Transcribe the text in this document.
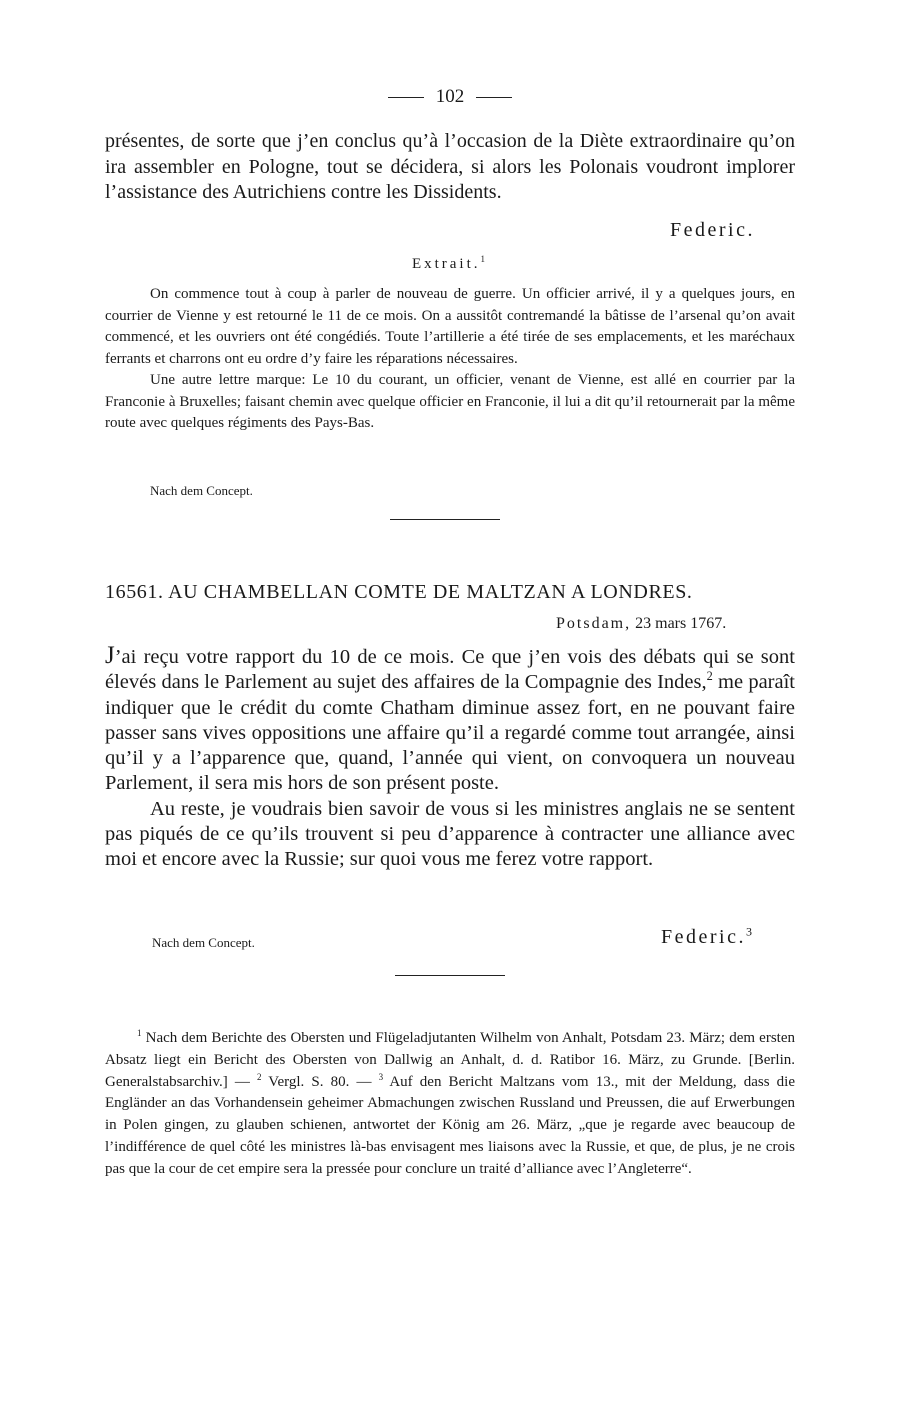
102

présentes, de sorte que j’en conclus qu’à l’occasion de la Diète extraordinaire qu’on ira assembler en Pologne, tout se décidera, si alors les Polonais voudront implorer l’assistance des Autrichiens contre les Dissidents.

Federic.
Extrait.$^1$

On commence tout à coup à parler de nouveau de guerre. Un officier arrivé, il y a quelques jours, en courrier de Vienne y est retourné le 11 de ce mois. On a aussitôt contremandé la bâtisse de l’arsenal qu’on avait commencé, et les ouvriers ont été congédiés. Toute l’artillerie a été tirée de ses emplacements, et les maréchaux ferrants et charrons ont eu ordre d’y faire les réparations nécessaires.

Une autre lettre marque: Le 10 du courant, un officier, venant de Vienne, est allé en courrier par la Franconie à Bruxelles; faisant chemin avec quelque officier en Franconie, il lui a dit qu’il retournerait par la même route avec quelques régiments des Pays-Bas.

Nach dem Concept.
16561. AU CHAMBELLAN COMTE DE MALTZAN A LONDRES.
Potsdam, 23 mars 1767.

J’ai reçu votre rapport du 10 de ce mois. Ce que j’en vois des débats qui se sont élevés dans le Parlement au sujet des affaires de la Compagnie des Indes,$^2$ me paraît indiquer que le crédit du comte Chatham diminue assez fort, en ne pouvant faire passer sans vives oppositions une affaire qu’il a regardé comme tout arrangée, ainsi qu’il y a l’apparence que, quand, l’année qui vient, on convoquera un nouveau Parlement, il sera mis hors de son présent poste.

Au reste, je voudrais bien savoir de vous si les ministres anglais ne se sentent pas piqués de ce qu’ils trouvent si peu d’apparence à contracter une alliance avec moi et encore avec la Russie; sur quoi vous me ferez votre rapport.

Nach dem Concept.	Federic.$^3$

$^1$ Nach dem Berichte des Obersten und Flügeladjutanten Wilhelm von Anhalt, Potsdam 23. März; dem ersten Absatz liegt ein Bericht des Obersten von Dallwig an Anhalt, d. d. Ratibor 16. März, zu Grunde. [Berlin. Generalstabsarchiv.] — $^2$ Vergl. S. 80. — $^3$ Auf den Bericht Maltzans vom 13., mit der Meldung, dass die Engländer an das Vorhandensein geheimer Abmachungen zwischen Russland und Preussen, die auf Erwerbungen in Polen gingen, zu glauben schienen, antwortet der König am 26. März, „que je regarde avec beaucoup de l’indifférence de quel côté les ministres là-bas envisagent mes liaisons avec la Russie, et que, de plus, je ne crois pas que la cour de cet empire sera la pressée pour conclure un traité d’alliance avec l’Angleterre“.
